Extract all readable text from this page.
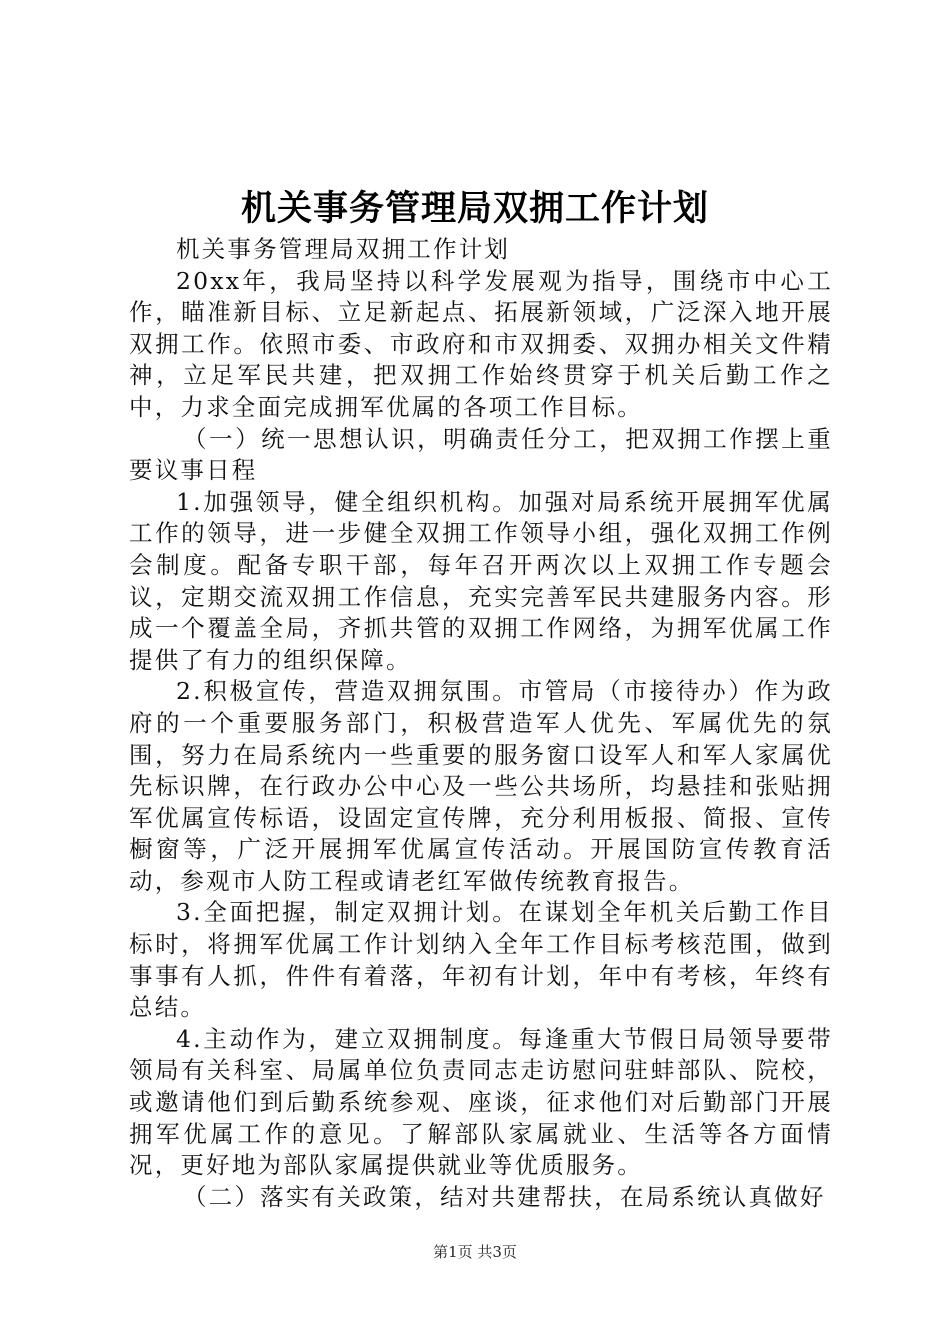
机关事务管理局双拥工作计划

机关事务管理局双拥工作计划

20xx年，我局坚持以科学发展观为指导，围绕市中心工作，瞄准新目标、立足新起点、拓展新领域，广泛深入地开展双拥工作。依照市委、市政府和市双拥委、双拥办相关文件精神，立足军民共建，把双拥工作始终贯穿于机关后勤工作之中，力求全面完成拥军优属的各项工作目标。

（一）统一思想认识，明确责任分工，把双拥工作摆上重要议事日程

1.加强领导，健全组织机构。加强对局系统开展拥军优属工作的领导，进一步健全双拥工作领导小组，强化双拥工作例会制度。配备专职干部，每年召开两次以上双拥工作专题会议，定期交流双拥工作信息，充实完善军民共建服务内容。形成一个覆盖全局，齐抓共管的双拥工作网络，为拥军优属工作提供了有力的组织保障。

2.积极宣传，营造双拥氛围。市管局（市接待办）作为政府的一个重要服务部门，积极营造军人优先、军属优先的氛围，努力在局系统内一些重要的服务窗口设军人和军人家属优先标识牌，在行政办公中心及一些公共场所，均悬挂和张贴拥军优属宣传标语，设固定宣传牌，充分利用板报、简报、宣传橱窗等，广泛开展拥军优属宣传活动。开展国防宣传教育活动，参观市人防工程或请老红军做传统教育报告。

3.全面把握，制定双拥计划。在谋划全年机关后勤工作目标时，将拥军优属工作计划纳入全年工作目标考核范围，做到事事有人抓，件件有着落，年初有计划，年中有考核，年终有总结。

4.主动作为，建立双拥制度。每逢重大节假日局领导要带领局有关科室、局属单位负责同志走访慰问驻蚌部队、院校，或邀请他们到后勤系统参观、座谈，征求他们对后勤部门开展拥军优属工作的意见。了解部队家属就业、生活等各方面情况，更好地为部队家属提供就业等优质服务。

（二）落实有关政策，结对共建帮扶，在局系统认真做好

第1页 共3页
